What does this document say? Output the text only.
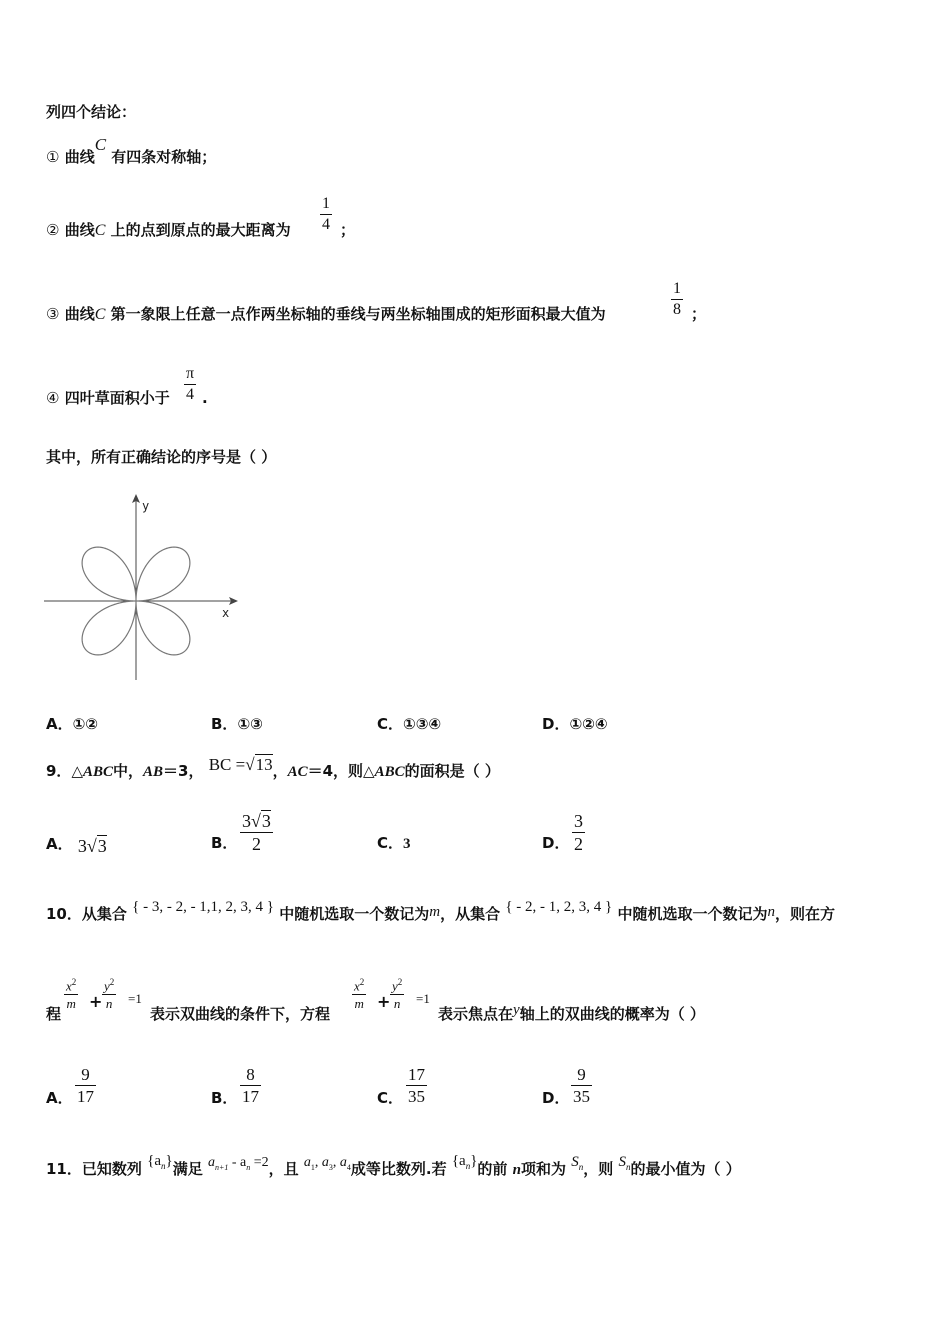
列四个结论：
① 曲线C 有四条对称轴；
② 曲线C 上的点到原点的最大距离为
1
4 ；
③ 曲线C 第一象限上任意一点作两坐标轴的垂线与两坐标轴围成的矩形面积最大值为
1
8 ；
④ 四叶草面积小于
π
4 .
其中，所有正确结论的序号是（ ）
y
x
A．①②	B．①③	C．①③④	D．①②④
9．△ABC中，AB＝3， BC =√13，AC＝4，则△ABC的面积是（ ）
A． 3√3	B．
3√3
2	C．3	D．
3
2
10．从集合 { - 3, - 2, - 1,1, 2, 3, 4 } 中随机选取一个数记为m，从集合 { - 2, - 1, 2, 3, 4 } 中随机选取一个数记为n，则在方
程
$x^2$
m +
$y^2$
n =1
表示双曲线的条件下，方程
$x^2$
m +
$y^2$
n =1
表示焦点在y轴上的双曲线的概率为（ ）
A．
9
17	B．
8
17	C．
17
35	D．
9
35
11．已知数列 $\{a_n\}$满足 $a_{n+1} - a_n =2$，且 $a_1$, $a_3$, $a_4$成等比数列.若 $\{a_n\}$的前 n项和为 $S_n$，则 $S_n$的最小值为（ ）
